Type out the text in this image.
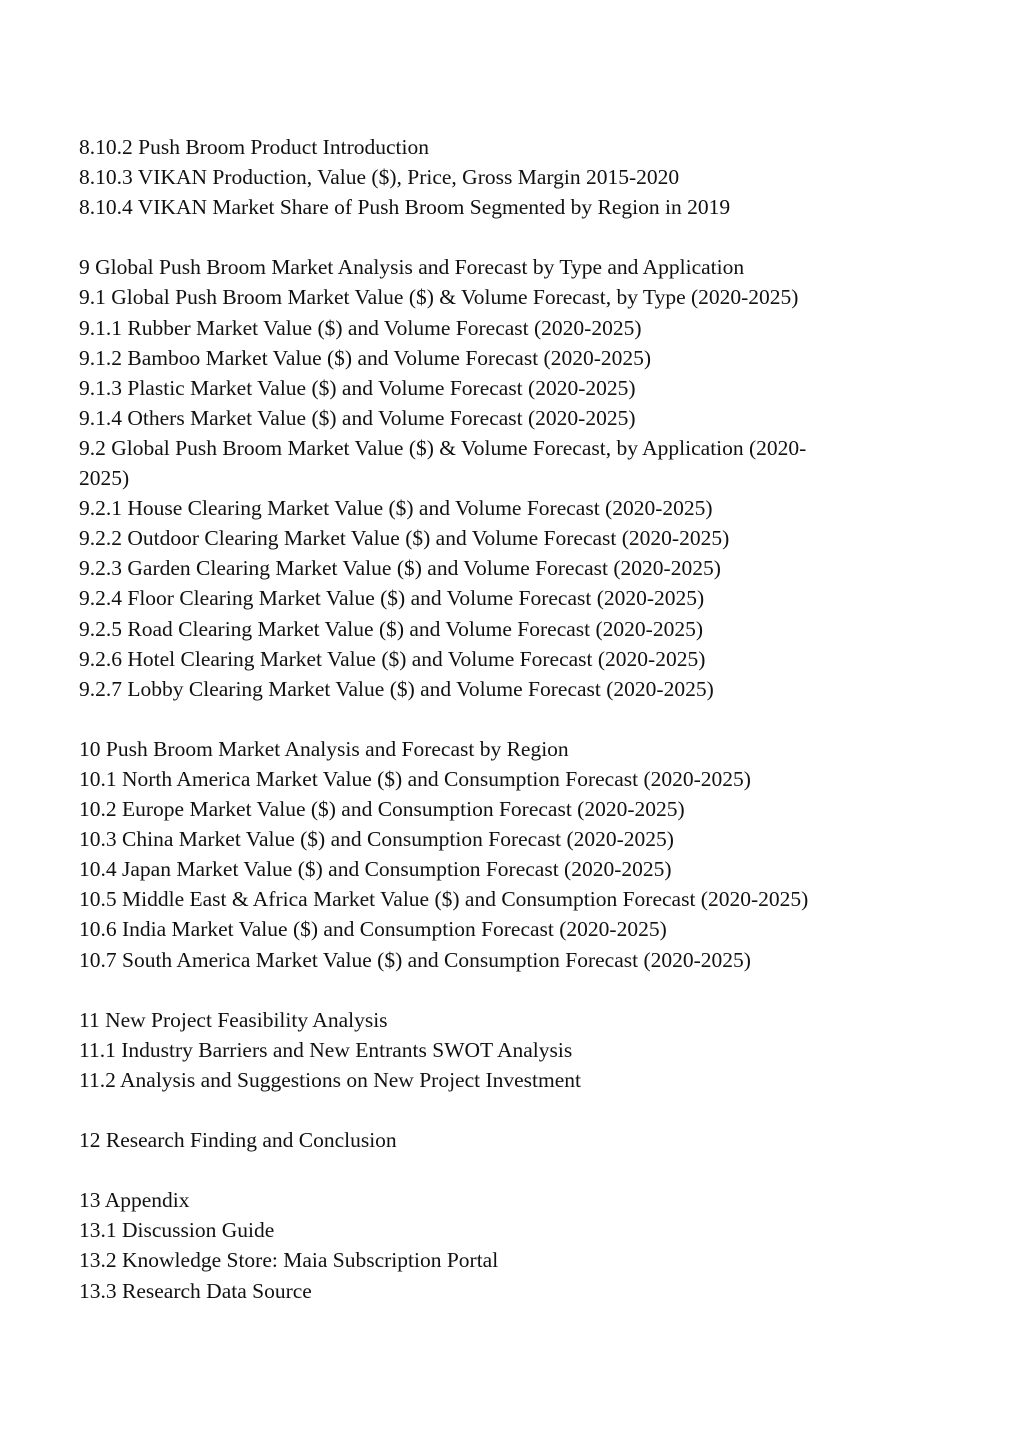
8.10.2 Push Broom Product Introduction

8.10.3 VIKAN Production, Value ($), Price, Gross Margin 2015-2020

8.10.4 VIKAN Market Share of Push Broom Segmented by Region in 2019

9 Global Push Broom Market Analysis and Forecast by Type and Application

9.1 Global Push Broom Market Value ($) & Volume Forecast, by Type (2020-2025)

9.1.1 Rubber Market Value ($) and Volume Forecast (2020-2025)

9.1.2 Bamboo Market Value ($) and Volume Forecast (2020-2025)

9.1.3 Plastic Market Value ($) and Volume Forecast (2020-2025)

9.1.4 Others Market Value ($) and Volume Forecast (2020-2025)

9.2 Global Push Broom Market Value ($) & Volume Forecast, by Application (2020-2025)

9.2.1 House Clearing Market Value ($) and Volume Forecast (2020-2025)

9.2.2 Outdoor Clearing Market Value ($) and Volume Forecast (2020-2025)

9.2.3 Garden Clearing Market Value ($) and Volume Forecast (2020-2025)

9.2.4 Floor Clearing Market Value ($) and Volume Forecast (2020-2025)

9.2.5 Road Clearing Market Value ($) and Volume Forecast (2020-2025)

9.2.6 Hotel Clearing Market Value ($) and Volume Forecast (2020-2025)

9.2.7 Lobby Clearing Market Value ($) and Volume Forecast (2020-2025)

10 Push Broom Market Analysis and Forecast by Region

10.1 North America Market Value ($) and Consumption Forecast (2020-2025)

10.2 Europe Market Value ($) and Consumption Forecast (2020-2025)

10.3 China Market Value ($) and Consumption Forecast (2020-2025)

10.4 Japan Market Value ($) and Consumption Forecast (2020-2025)

10.5 Middle East & Africa Market Value ($) and Consumption Forecast (2020-2025)

10.6 India Market Value ($) and Consumption Forecast (2020-2025)

10.7 South America Market Value ($) and Consumption Forecast (2020-2025)

11 New Project Feasibility Analysis

11.1 Industry Barriers and New Entrants SWOT Analysis

11.2 Analysis and Suggestions on New Project Investment

12 Research Finding and Conclusion

13 Appendix

13.1 Discussion Guide

13.2 Knowledge Store: Maia Subscription Portal

13.3 Research Data Source
